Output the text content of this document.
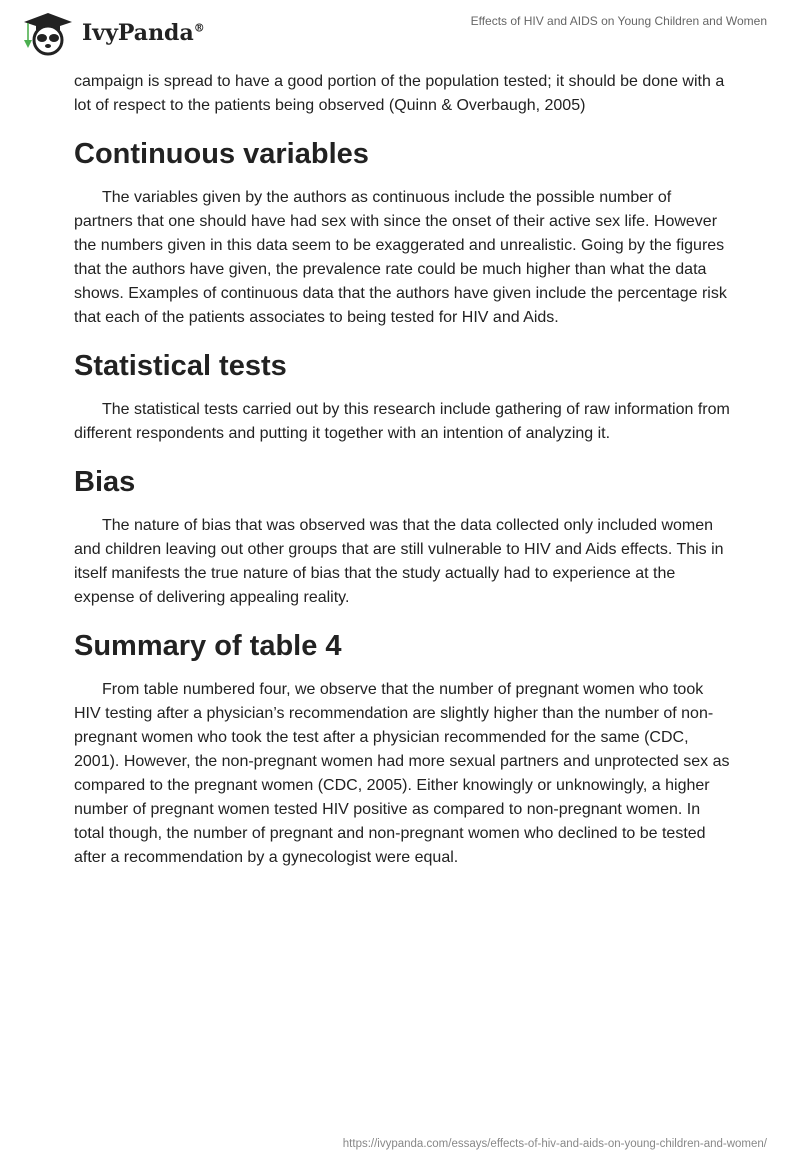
IvyPanda®
Effects of HIV and AIDS on Young Children and Women

campaign is spread to have a good portion of the population tested; it should be done with a lot of respect to the patients being observed (Quinn & Overbaugh, 2005)

Continuous variables

The variables given by the authors as continuous include the possible number of partners that one should have had sex with since the onset of their active sex life. However the numbers given in this data seem to be exaggerated and unrealistic. Going by the figures that the authors have given, the prevalence rate could be much higher than what the data shows. Examples of continuous data that the authors have given include the percentage risk that each of the patients associates to being tested for HIV and Aids.

Statistical tests

The statistical tests carried out by this research include gathering of raw information from different respondents and putting it together with an intention of analyzing it.

Bias

The nature of bias that was observed was that the data collected only included women and children leaving out other groups that are still vulnerable to HIV and Aids effects. This in itself manifests the true nature of bias that the study actually had to experience at the expense of delivering appealing reality.

Summary of table 4

From table numbered four, we observe that the number of pregnant women who took HIV testing after a physician’s recommendation are slightly higher than the number of non-pregnant women who took the test after a physician recommended for the same (CDC, 2001). However, the non-pregnant women had more sexual partners and unprotected sex as compared to the pregnant women (CDC, 2005). Either knowingly or unknowingly, a higher number of pregnant women tested HIV positive as compared to non-pregnant women. In total though, the number of pregnant and non-pregnant women who declined to be tested after a recommendation by a gynecologist were equal.

https://ivypanda.com/essays/effects-of-hiv-and-aids-on-young-children-and-women/
